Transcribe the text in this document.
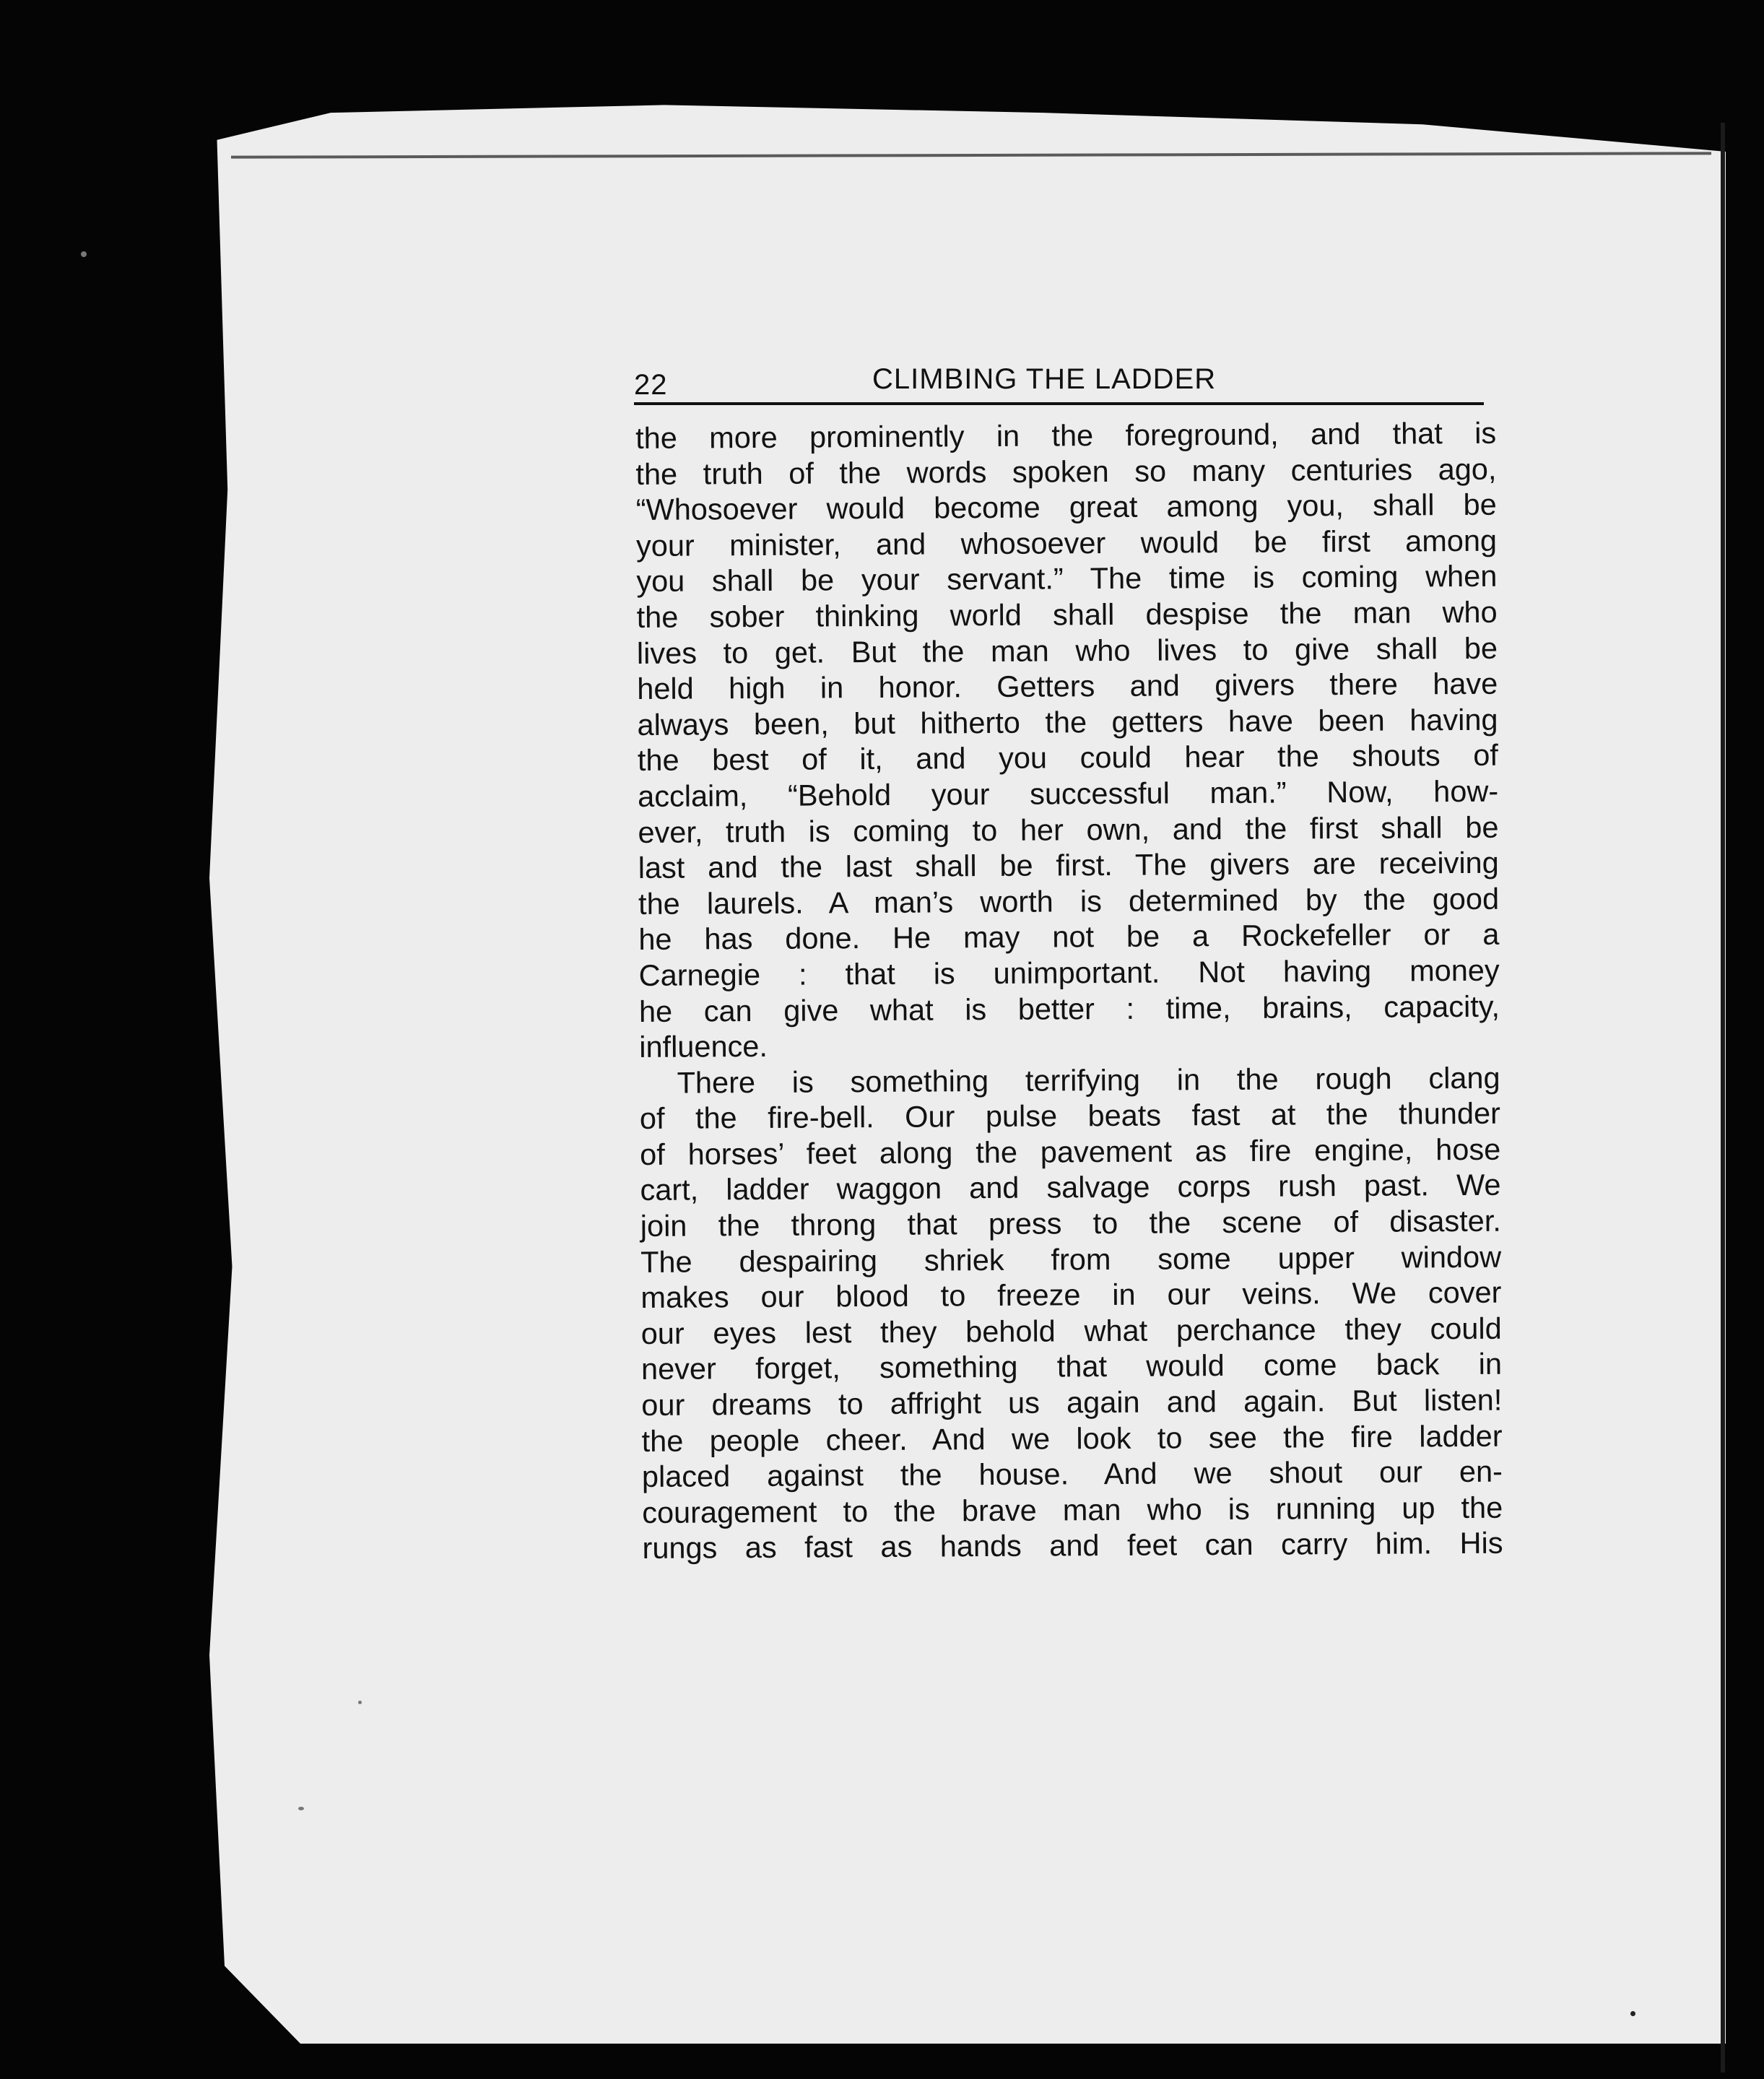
22	CLIMBING THE LADDER
the more prominently in the foreground, and that is
the truth of the words spoken so many centuries ago,
“Whosoever would become great among you, shall be
your minister, and whosoever would be first among
you shall be your servant.” The time is coming when
the sober thinking world shall despise the man who
lives to get. But the man who lives to give shall be
held high in honor. Getters and givers there have
always been, but hitherto the getters have been having
the best of it, and you could hear the shouts of
acclaim, “Behold your successful man.” Now, how-
ever, truth is coming to her own, and the first shall be
last and the last shall be first. The givers are receiving
the laurels. A man’s worth is determined by the good
he has done. He may not be a Rockefeller or a
Carnegie : that is unimportant. Not having money
he can give what is better : time, brains, capacity,
influence.
There is something terrifying in the rough clang
of the fire-bell. Our pulse beats fast at the thunder
of horses’ feet along the pavement as fire engine, hose
cart, ladder waggon and salvage corps rush past. We
join the throng that press to the scene of disaster.
The despairing shriek from some upper window
makes our blood to freeze in our veins. We cover
our eyes lest they behold what perchance they could
never forget, something that would come back in
our dreams to affright us again and again. But listen!
the people cheer. And we look to see the fire ladder
placed against the house. And we shout our en-
couragement to the brave man who is running up the
rungs as fast as hands and feet can carry him. His
